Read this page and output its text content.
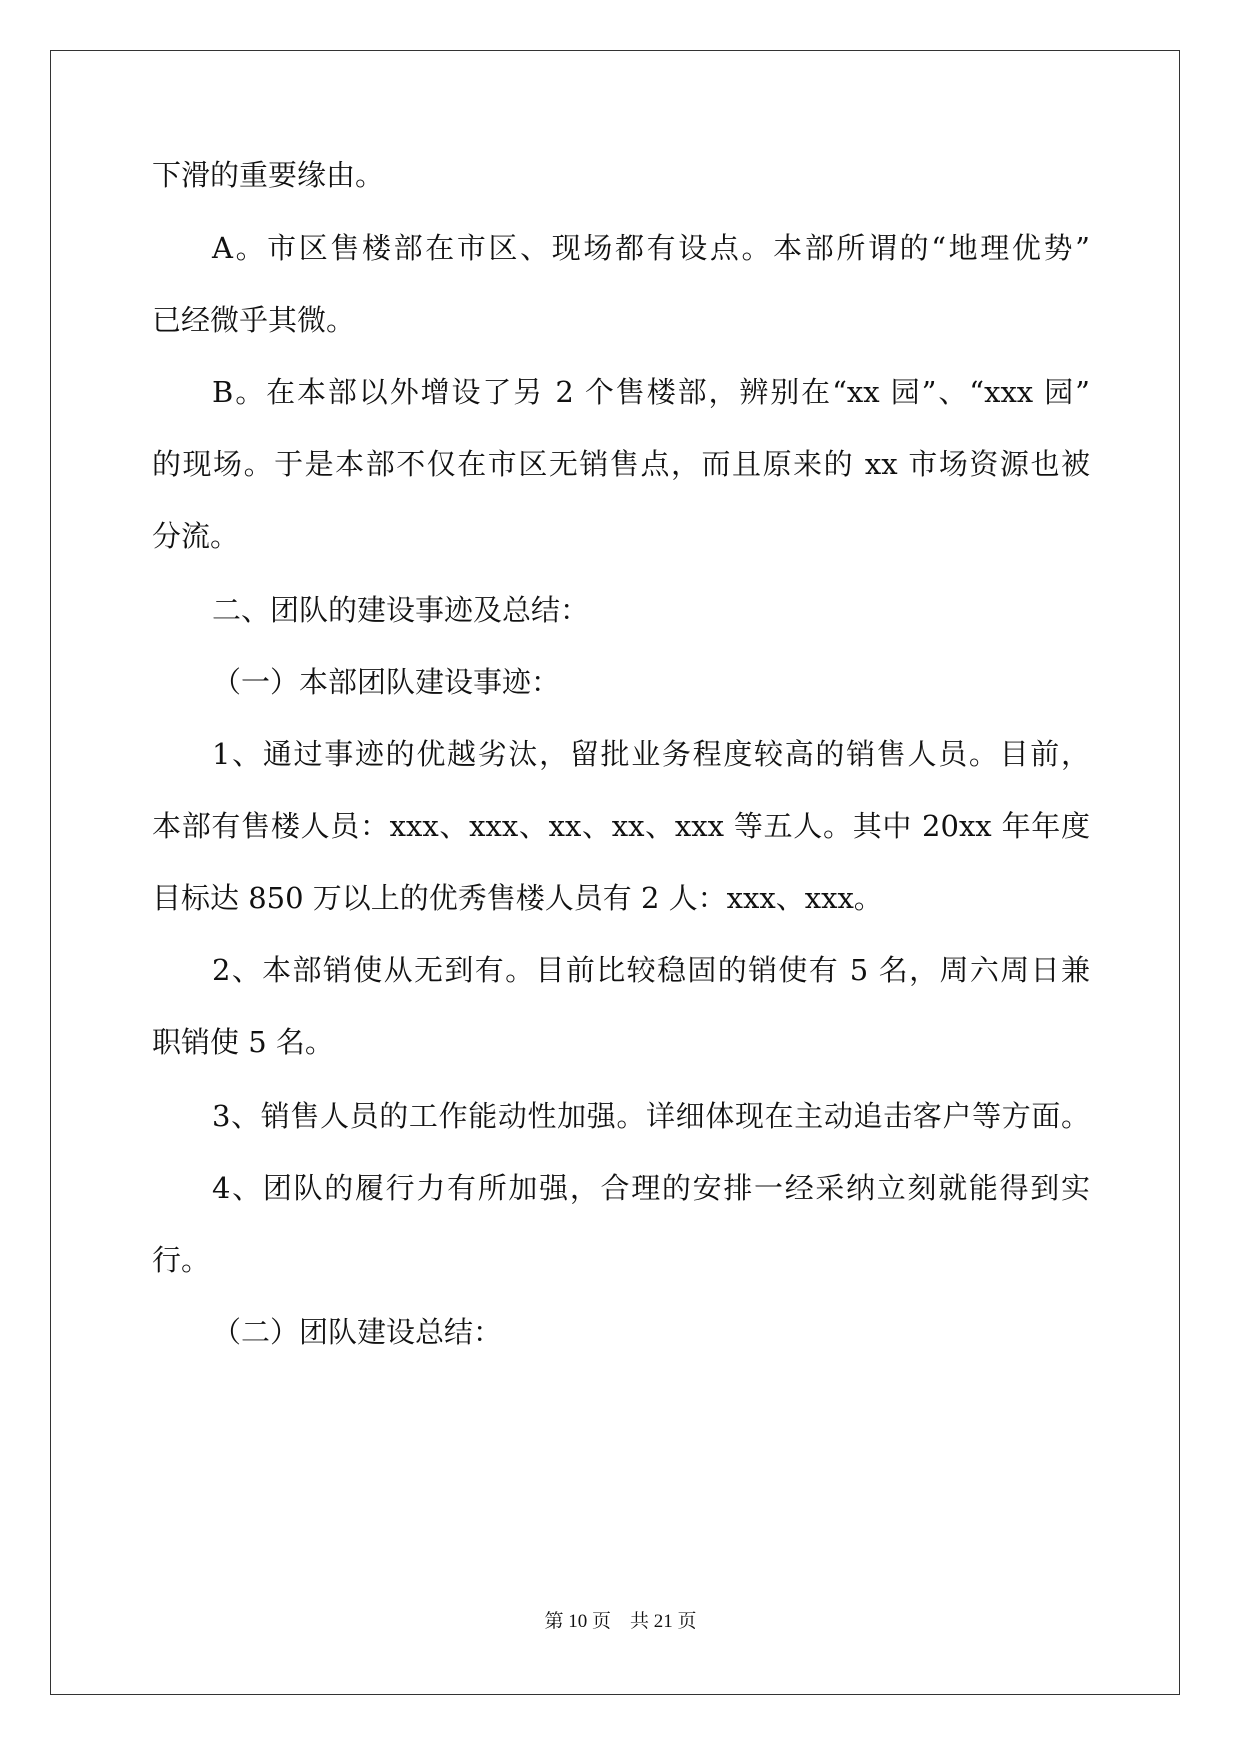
下滑的重要缘由。
A。市区售楼部在市区、现场都有设点。本部所谓的“地理优势”
已经微乎其微。
B。在本部以外增设了另 2 个售楼部，辨别在“xx 园”、“xxx 园”
的现场。于是本部不仅在市区无销售点，而且原来的 xx 市场资源也被
分流。
二、团队的建设事迹及总结：
（一）本部团队建设事迹：
1、通过事迹的优越劣汰，留批业务程度较高的销售人员。目前，
本部有售楼人员：xxx、xxx、xx、xx、xxx 等五人。其中 20xx 年年度
目标达 850 万以上的优秀售楼人员有 2 人：xxx、xxx。
2、本部销使从无到有。目前比较稳固的销使有 5 名，周六周日兼
职销使 5 名。
3、销售人员的工作能动性加强。详细体现在主动追击客户等方面。
4、团队的履行力有所加强，合理的安排一经采纳立刻就能得到实
行。
（二）团队建设总结：
第 10 页　共 21 页
